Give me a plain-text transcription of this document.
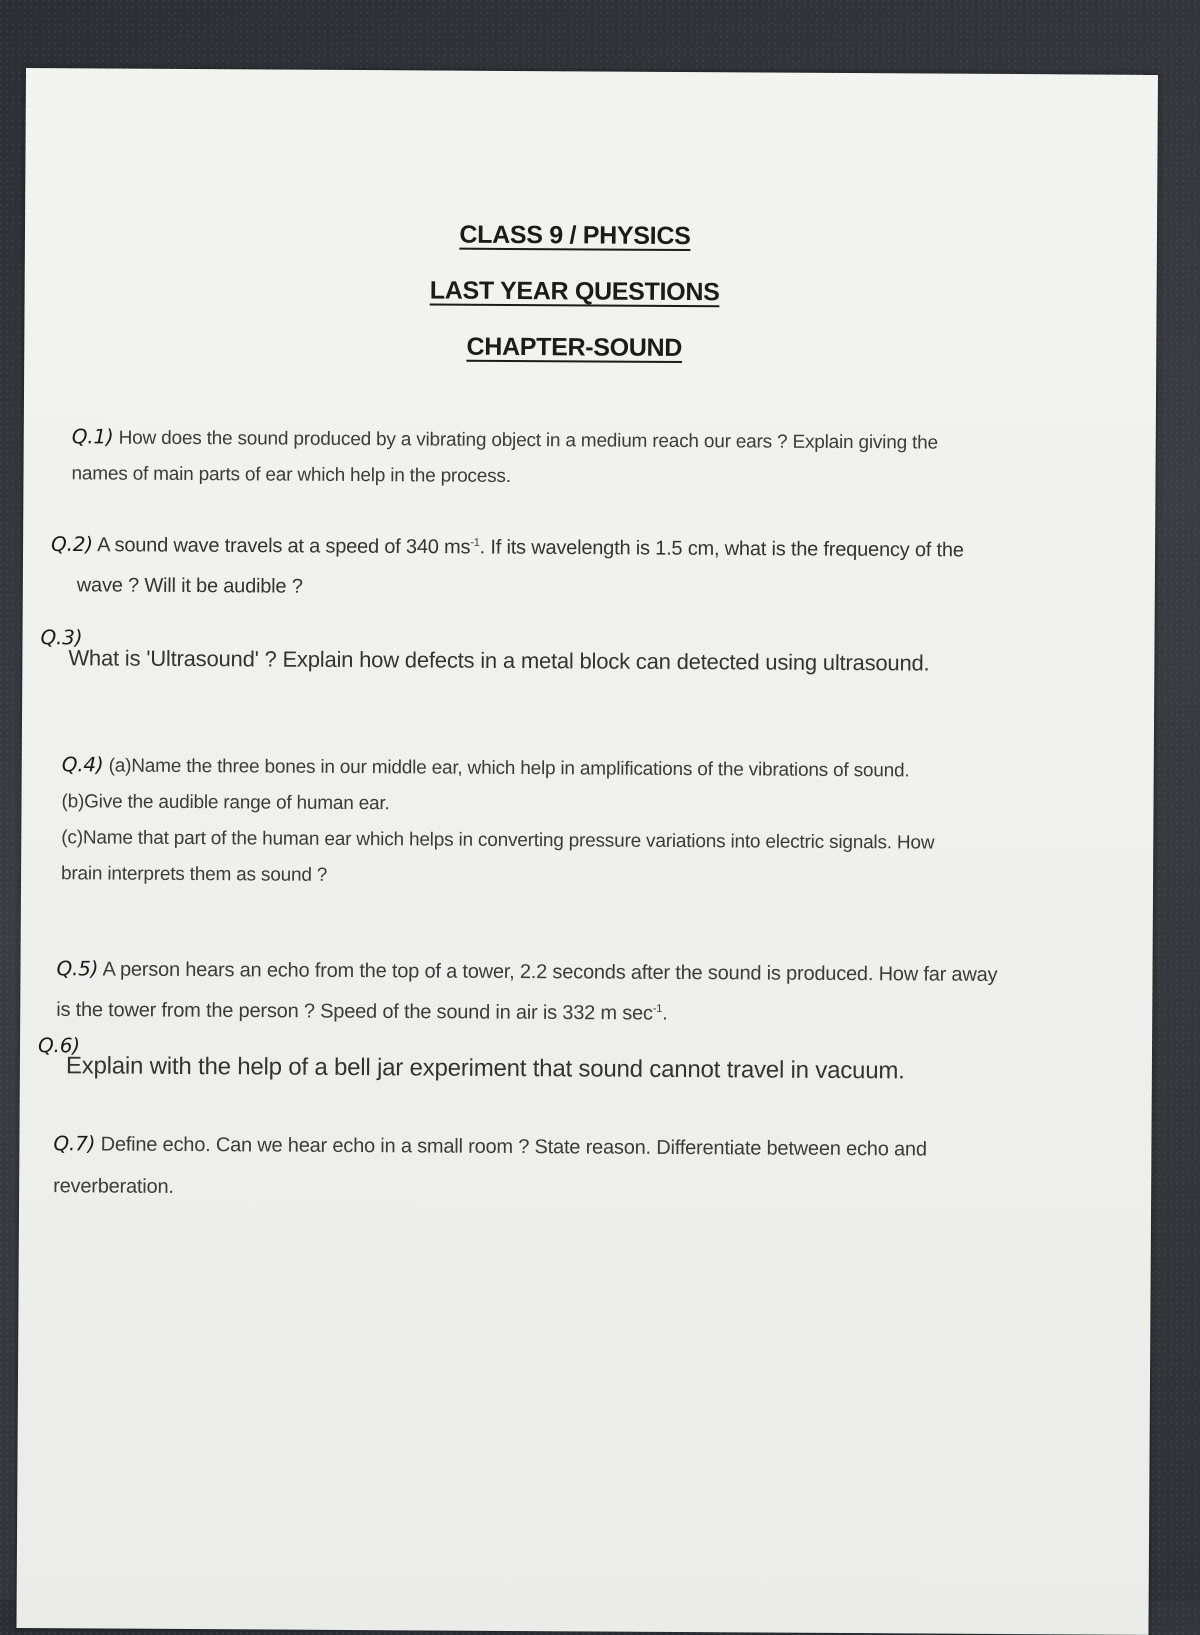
CLASS 9 / PHYSICS
LAST YEAR QUESTIONS
CHAPTER-SOUND
Q.1) How does the sound produced by a vibrating object in a medium reach our ears ? Explain giving the
names of main parts of ear which help in the process.
Q.2) A sound wave travels at a speed of 340 $ms^{-1}$. If its wavelength is 1.5 cm, what is the frequency of the
wave ? Will it be audible ?
Q.3)
What is 'Ultrasound' ? Explain how defects in a metal block can detected using ultrasound.
Q.4) (a)Name the three bones in our middle ear, which help in amplifications of the vibrations of sound.
(b)Give the audible range of human ear.
(c)Name that part of the human ear which helps in converting pressure variations into electric signals. How
brain interprets them as sound ?
Q.5) A person hears an echo from the top of a tower, 2.2 seconds after the sound is produced. How far away
is the tower from the person ? Speed of the sound in air is 332 m $\sec^{-1}$.
Q.6)
Explain with the help of a bell jar experiment that sound cannot travel in vacuum.
Q.7) Define echo. Can we hear echo in a small room ? State reason. Differentiate between echo and
reverberation.
